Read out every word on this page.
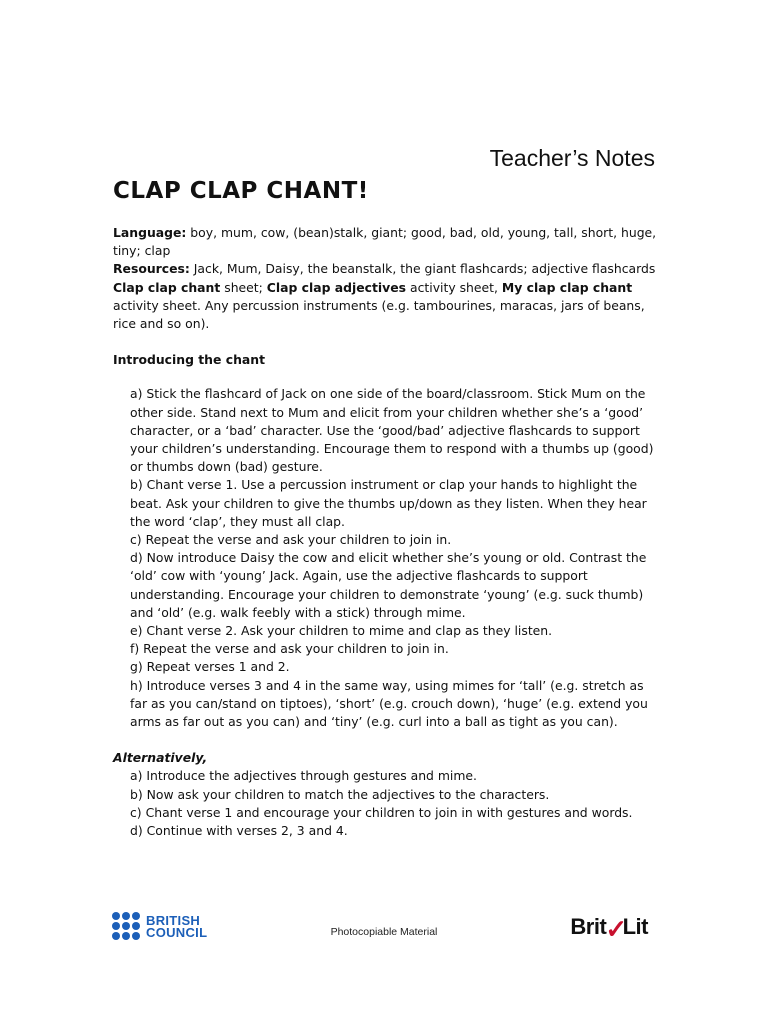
Teacher’s Notes
CLAP CLAP CHANT!

Language: boy, mum, cow, (bean)stalk, giant; good, bad, old, young, tall, short, huge, tiny; clap

Resources: Jack, Mum, Daisy, the beanstalk, the giant flashcards; adjective flashcards Clap clap chant sheet; Clap clap adjectives activity sheet, My clap clap chant activity sheet. Any percussion instruments (e.g. tambourines, maracas, jars of beans, rice and so on).

Introducing the chant

a) Stick the flashcard of Jack on one side of the board/classroom. Stick Mum on the other side. Stand next to Mum and elicit from your children whether she’s a ‘good’ character, or a ‘bad’ character. Use the ‘good/bad’ adjective flashcards to support your children’s understanding. Encourage them to respond with a thumbs up (good) or thumbs down (bad) gesture.
b) Chant verse 1. Use a percussion instrument or clap your hands to highlight the beat. Ask your children to give the thumbs up/down as they listen. When they hear the word ‘clap’, they must all clap.
c) Repeat the verse and ask your children to join in.
d) Now introduce Daisy the cow and elicit whether she’s young or old. Contrast the ‘old’ cow with ‘young’ Jack. Again, use the adjective flashcards to support understanding. Encourage your children to demonstrate ‘young’ (e.g. suck thumb) and ‘old’ (e.g. walk feebly with a stick) through mime.
e) Chant verse 2. Ask your children to mime and clap as they listen.
f) Repeat the verse and ask your children to join in.
g) Repeat verses 1 and 2.
h) Introduce verses 3 and 4 in the same way, using mimes for ‘tall’ (e.g. stretch as far as you can/stand on tiptoes), ‘short’ (e.g. crouch down), ‘huge’ (e.g. extend you arms as far out as you can) and ‘tiny’ (e.g. curl into a ball as tight as you can).

Alternatively,

a) Introduce the adjectives through gestures and mime.
b) Now ask your children to match the adjectives to the characters.
c) Chant verse 1 and encourage your children to join in with gestures and words.
d) Continue with verses 2, 3 and 4.
BRITISH
COUNCIL	Photocopiable Material	Brit✓Lit
